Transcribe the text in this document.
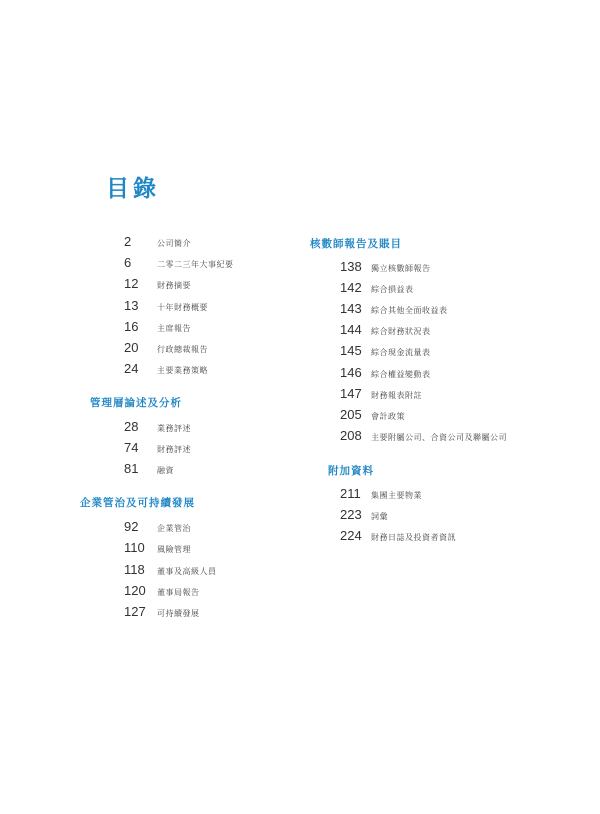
目錄
管理層論述及分析
企業管治及可持續發展
核數師報告及賬目
附加資料
2	公司簡介
6	二零二三年大事紀要
12 財務摘要
13 十年財務概要
16 主席報告
20 行政總裁報告
24 主要業務策略
28 業務評述
74 財務評述
81 融資
92 企業管治
110 風險管理
118 董事及高級人員
120 董事局報告
127 可持續發展
138 獨立核數師報告
142 綜合損益表
143 綜合其他全面收益表
144 綜合財務狀況表
145 綜合現金流量表
146 綜合權益變動表
147 財務報表附註
205 會計政策
208 主要附屬公司、合資公司及聯屬公司
211 集團主要物業
223 詞彙
224 財務日誌及投資者資訊
